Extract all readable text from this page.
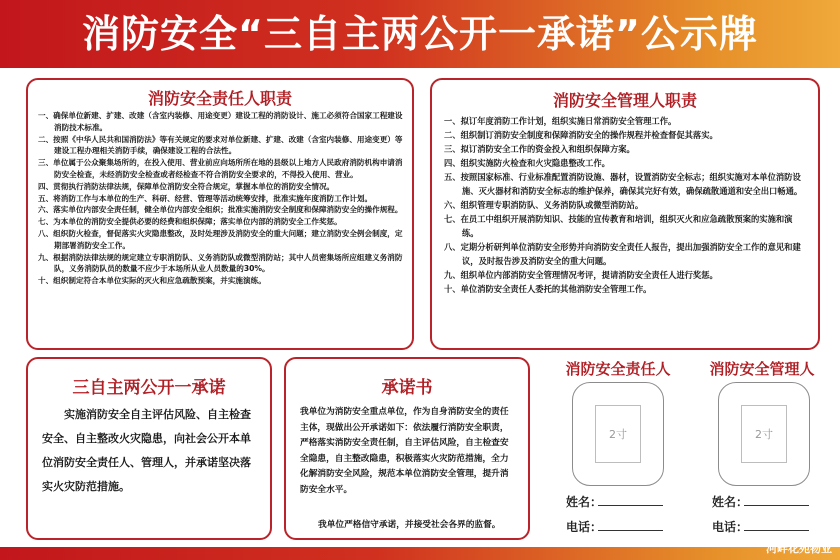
消防安全“三自主两公开一承诺”公示牌
消防安全责任人职责
一、确保单位新建、扩建、改建（含室内装修、用途变更）建设工程的消防设计、施工必须符合国家工程建设消防技术标准。
二、按照《中华人民共和国消防法》等有关规定的要求对单位新建、扩建、改建（含室内装修、用途变更）等建设工程办理相关消防手续，确保建设工程的合法性。
三、单位属于公众聚集场所的，在投入使用、营业前应向场所所在地的县级以上地方人民政府消防机构申请消防安全检查，未经消防安全检查或者经检查不符合消防安全要求的，不得投入使用、营业。
四、贯彻执行消防法律法规，保障单位消防安全符合规定，掌握本单位的消防安全情况。
五、将消防工作与本单位的生产、科研、经营、管理等活动统筹安排，批准实施年度消防工作计划。
六、落实单位内部安全责任制，健全单位内部安全组织；批准实施消防安全制度和保障消防安全的操作规程。
七、为本单位的消防安全提供必要的经费和组织保障；落实单位内部的消防安全工作奖惩。
八、组织防火检查，督促落实火灾隐患整改，及时处理涉及消防安全的重大问题；建立消防安全例会制度，定期部署消防安全工作。
九、根据消防法律法规的规定建立专职消防队、义务消防队或微型消防站；其中人员密集场所应组建义务消防队，义务消防队员的数量不应少于本场所从业人员数量的30%。
十、组织制定符合本单位实际的灭火和应急疏散预案，并实施演练。
消防安全管理人职责
一、拟订年度消防工作计划，组织实施日常消防安全管理工作。
二、组织制订消防安全制度和保障消防安全的操作规程并检查督促其落实。
三、拟订消防安全工作的资金投入和组织保障方案。
四、组织实施防火检查和火灾隐患整改工作。
五、按照国家标准、行业标准配置消防设施、器材，设置消防安全标志；组织实施对本单位消防设施、灭火器材和消防安全标志的维护保养，确保其完好有效，确保疏散通道和安全出口畅通。
六、组织管理专职消防队、义务消防队或微型消防站。
七、在员工中组织开展消防知识、技能的宣传教育和培训，组织灭火和应急疏散预案的实施和演练。
八、定期分析研判单位消防安全形势并向消防安全责任人报告，提出加强消防安全工作的意见和建议，及时报告涉及消防安全的重大问题。
九、组织单位内部消防安全管理情况考评，提请消防安全责任人进行奖惩。
十、单位消防安全责任人委托的其他消防安全管理工作。
三自主两公开一承诺

实施消防安全自主评估风险、自主检查安全、自主整改火灾隐患，向社会公开本单位消防安全责任人、管理人，并承诺坚决落实火灾防范措施。

承诺书

我单位为消防安全重点单位，作为自身消防安全的责任主体，现做出公开承诺如下：依法履行消防安全职责，严格落实消防安全责任制，自主评估风险，自主检查安全隐患，自主整改隐患，积极落实火灾防范措施，全力化解消防安全风险，规范本单位消防安全管理，提升消防安全水平。

我单位严格信守承诺，并接受社会各界的监督。

消防安全责任人
2寸
姓名：
电话：
消防安全管理人
2寸
姓名：
电话：
河畔花苑物业
